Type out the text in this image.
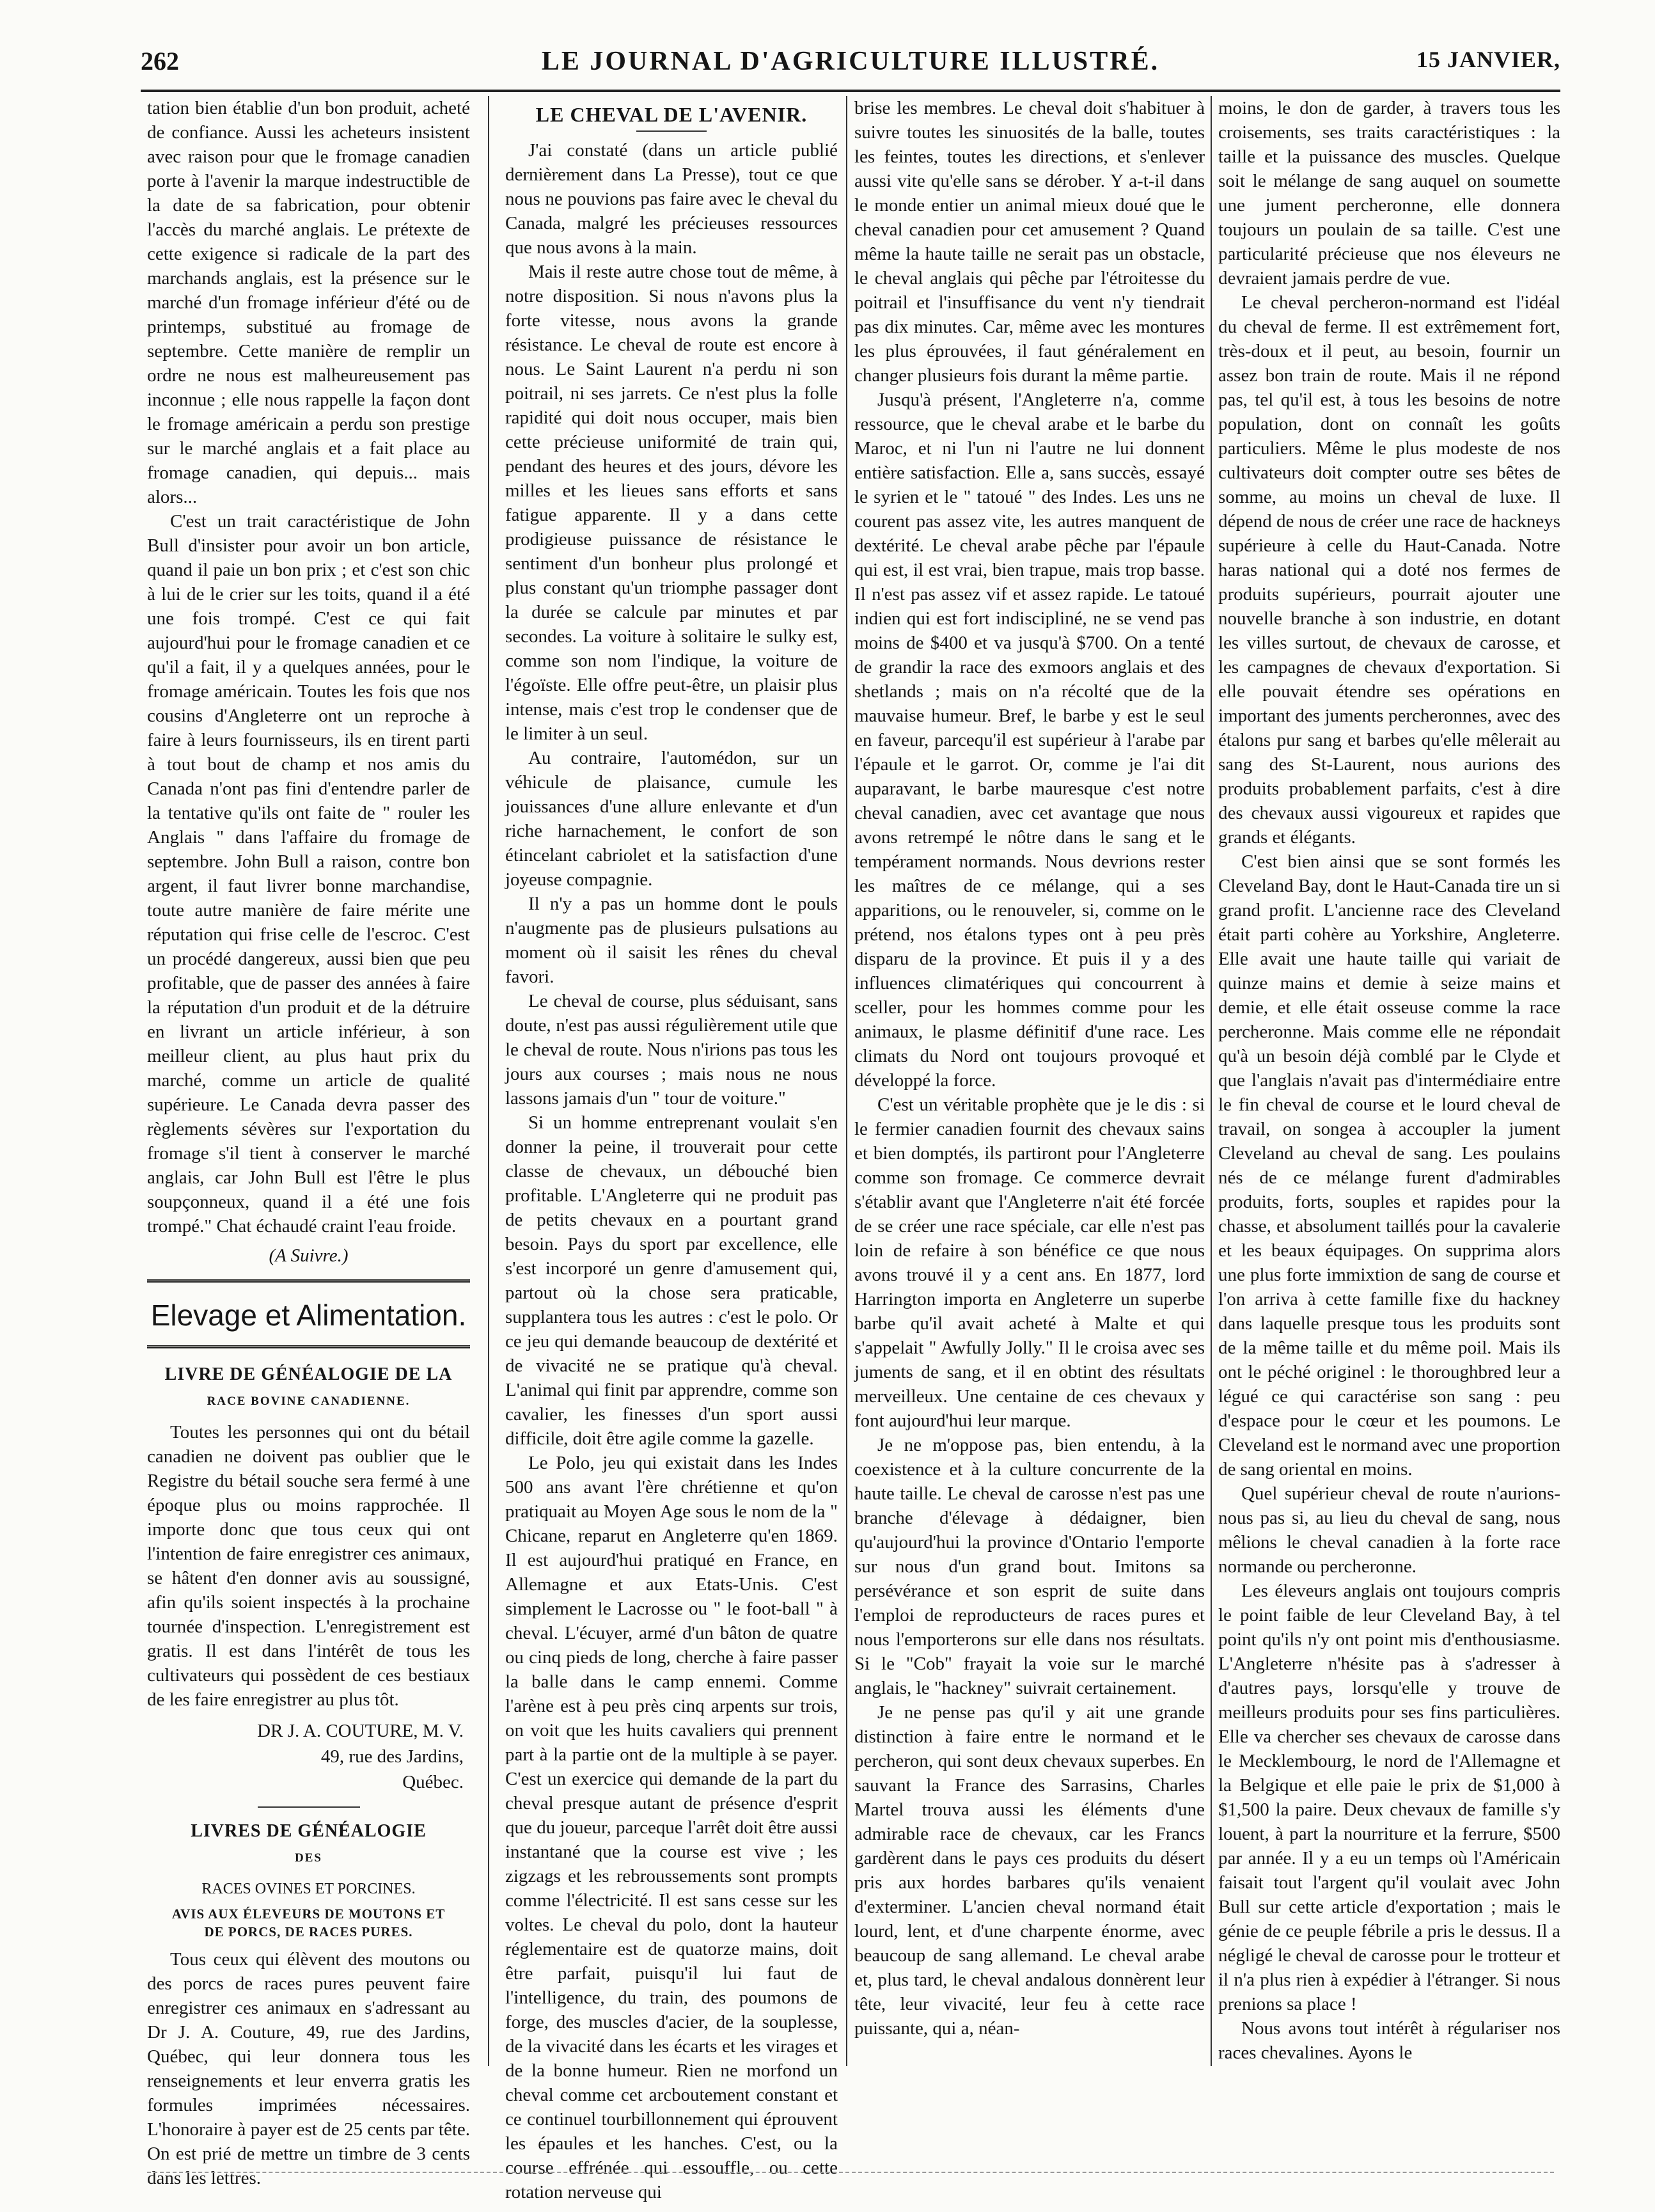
262	LE JOURNAL D'AGRICULTURE ILLUSTRÉ.	15 JANVIER,

tation bien établie d'un bon produit, acheté de confiance. Aussi les acheteurs insistent avec raison pour que le fromage canadien porte à l'avenir la marque indestructible de la date de sa fabrication, pour obtenir l'accès du marché anglais. Le prétexte de cette exigence si radicale de la part des marchands anglais, est la présence sur le marché d'un fromage inférieur d'été ou de printemps, substitué au fromage de septembre. Cette manière de remplir un ordre ne nous est malheureusement pas inconnue ; elle nous rappelle la façon dont le fromage américain a perdu son prestige sur le marché anglais et a fait place au fromage canadien, qui depuis... mais alors...

C'est un trait caractéristique de John Bull d'insister pour avoir un bon article, quand il paie un bon prix ; et c'est son chic à lui de le crier sur les toits, quand il a été une fois trompé. C'est ce qui fait aujourd'hui pour le fromage canadien et ce qu'il a fait, il y a quelques années, pour le fromage américain. Toutes les fois que nos cousins d'Angleterre ont un reproche à faire à leurs fournisseurs, ils en tirent parti à tout bout de champ et nos amis du Canada n'ont pas fini d'entendre parler de la tentative qu'ils ont faite de " rouler les Anglais " dans l'affaire du fromage de septembre. John Bull a raison, contre bon argent, il faut livrer bonne marchandise, toute autre manière de faire mérite une réputation qui frise celle de l'escroc. C'est un procédé dangereux, aussi bien que peu profitable, que de passer des années à faire la réputation d'un produit et de la détruire en livrant un article inférieur, à son meilleur client, au plus haut prix du marché, comme un article de qualité supérieure. Le Canada devra passer des règlements sévères sur l'exportation du fromage s'il tient à conserver le marché anglais, car John Bull est l'être le plus soupçonneux, quand il a été une fois trompé." Chat échaudé craint l'eau froide.

(A Suivre.)
Elevage et Alimentation.
LIVRE DE GÉNÉALOGIE DE LA
RACE BOVINE CANADIENNE.

Toutes les personnes qui ont du bétail canadien ne doivent pas oublier que le Registre du bétail souche sera fermé à une époque plus ou moins rapprochée. Il importe donc que tous ceux qui ont l'intention de faire enregistrer ces animaux, se hâtent d'en donner avis au soussigné, afin qu'ils soient inspectés à la prochaine tournée d'inspection. L'enregistrement est gratis. Il est dans l'intérêt de tous les cultivateurs qui possèdent de ces bestiaux de les faire enregistrer au plus tôt.

DR J. A. COUTURE, M. V.
49, rue des Jardins,
Québec.
LIVRES DE GÉNÉALOGIE
DES
RACES OVINES ET PORCINES.
AVIS AUX ÉLEVEURS DE MOUTONS ET
DE PORCS, DE RACES PURES.

Tous ceux qui élèvent des moutons ou des porcs de races pures peuvent faire enregistrer ces animaux en s'adressant au Dr J. A. Couture, 49, rue des Jardins, Québec, qui leur donnera tous les renseignements et leur enverra gratis les formules imprimées nécessaires. L'honoraire à payer est de 25 cents par tête. On est prié de mettre un timbre de 3 cents dans les lettres.

LE CHEVAL DE L'AVENIR.

J'ai constaté (dans un article publié dernièrement dans La Presse), tout ce que nous ne pouvions pas faire avec le cheval du Canada, malgré les précieuses ressources que nous avons à la main.

Mais il reste autre chose tout de même, à notre disposition. Si nous n'avons plus la forte vitesse, nous avons la grande résistance. Le cheval de route est encore à nous. Le Saint Laurent n'a perdu ni son poitrail, ni ses jarrets. Ce n'est plus la folle rapidité qui doit nous occuper, mais bien cette précieuse uniformité de train qui, pendant des heures et des jours, dévore les milles et les lieues sans efforts et sans fatigue apparente. Il y a dans cette prodigieuse puissance de résistance le sentiment d'un bonheur plus prolongé et plus constant qu'un triomphe passager dont la durée se calcule par minutes et par secondes. La voiture à solitaire le sulky est, comme son nom l'indique, la voiture de l'égoïste. Elle offre peut-être, un plaisir plus intense, mais c'est trop le condenser que de le limiter à un seul.

Au contraire, l'automédon, sur un véhicule de plaisance, cumule les jouissances d'une allure enlevante et d'un riche harnachement, le confort de son étincelant cabriolet et la satisfaction d'une joyeuse compagnie.

Il n'y a pas un homme dont le pouls n'augmente pas de plusieurs pulsations au moment où il saisit les rênes du cheval favori.

Le cheval de course, plus séduisant, sans doute, n'est pas aussi régulièrement utile que le cheval de route. Nous n'irions pas tous les jours aux courses ; mais nous ne nous lassons jamais d'un " tour de voiture."

Si un homme entreprenant voulait s'en donner la peine, il trouverait pour cette classe de chevaux, un débouché bien profitable. L'Angleterre qui ne produit pas de petits chevaux en a pourtant grand besoin. Pays du sport par excellence, elle s'est incorporé un genre d'amusement qui, partout où la chose sera praticable, supplantera tous les autres : c'est le polo. Or ce jeu qui demande beaucoup de dextérité et de vivacité ne se pratique qu'à cheval. L'animal qui finit par apprendre, comme son cavalier, les finesses d'un sport aussi difficile, doit être agile comme la gazelle.

Le Polo, jeu qui existait dans les Indes 500 ans avant l'ère chrétienne et qu'on pratiquait au Moyen Age sous le nom de la " Chicane, reparut en Angleterre qu'en 1869. Il est aujourd'hui pratiqué en France, en Allemagne et aux Etats-Unis. C'est simplement le Lacrosse ou " le foot-ball " à cheval. L'écuyer, armé d'un bâton de quatre ou cinq pieds de long, cherche à faire passer la balle dans le camp ennemi. Comme l'arène est à peu près cinq arpents sur trois, on voit que les huits cavaliers qui prennent part à la partie ont de la multiple à se payer. C'est un exercice qui demande de la part du cheval presque autant de présence d'esprit que du joueur, parceque l'arrêt doit être aussi instantané que la course est vive ; les zigzags et les rebroussements sont prompts comme l'électricité. Il est sans cesse sur les voltes. Le cheval du polo, dont la hauteur réglementaire est de quatorze mains, doit être parfait, puisqu'il lui faut de l'intelligence, du train, des poumons de forge, des muscles d'acier, de la souplesse, de la vivacité dans les écarts et les virages et de la bonne humeur. Rien ne morfond un cheval comme cet arcboutement constant et ce continuel tourbillonnement qui éprouvent les épaules et les hanches. C'est, ou la course effrénée qui essouffle, ou cette rotation nerveuse qui

brise les membres. Le cheval doit s'habituer à suivre toutes les sinuosités de la balle, toutes les feintes, toutes les directions, et s'enlever aussi vite qu'elle sans se dérober. Y a-t-il dans le monde entier un animal mieux doué que le cheval canadien pour cet amusement ? Quand même la haute taille ne serait pas un obstacle, le cheval anglais qui pêche par l'étroitesse du poitrail et l'insuffisance du vent n'y tiendrait pas dix minutes. Car, même avec les montures les plus éprouvées, il faut généralement en changer plusieurs fois durant la même partie.

Jusqu'à présent, l'Angleterre n'a, comme ressource, que le cheval arabe et le barbe du Maroc, et ni l'un ni l'autre ne lui donnent entière satisfaction. Elle a, sans succès, essayé le syrien et le " tatoué " des Indes. Les uns ne courent pas assez vite, les autres manquent de dextérité. Le cheval arabe pêche par l'épaule qui est, il est vrai, bien trapue, mais trop basse. Il n'est pas assez vif et assez rapide. Le tatoué indien qui est fort indiscipliné, ne se vend pas moins de $400 et va jusqu'à $700. On a tenté de grandir la race des exmoors anglais et des shetlands ; mais on n'a récolté que de la mauvaise humeur. Bref, le barbe y est le seul en faveur, parcequ'il est supérieur à l'arabe par l'épaule et le garrot. Or, comme je l'ai dit auparavant, le barbe mauresque c'est notre cheval canadien, avec cet avantage que nous avons retrempé le nôtre dans le sang et le tempérament normands. Nous devrions rester les maîtres de ce mélange, qui a ses apparitions, ou le renouveler, si, comme on le prétend, nos étalons types ont à peu près disparu de la province. Et puis il y a des influences climatériques qui concourrent à sceller, pour les hommes comme pour les animaux, le plasme définitif d'une race. Les climats du Nord ont toujours provoqué et développé la force.

C'est un véritable prophète que je le dis : si le fermier canadien fournit des chevaux sains et bien domptés, ils partiront pour l'Angleterre comme son fromage. Ce commerce devrait s'établir avant que l'Angleterre n'ait été forcée de se créer une race spéciale, car elle n'est pas loin de refaire à son bénéfice ce que nous avons trouvé il y a cent ans. En 1877, lord Harrington importa en Angleterre un superbe barbe qu'il avait acheté à Malte et qui s'appelait " Awfully Jolly." Il le croisa avec ses juments de sang, et il en obtint des résultats merveilleux. Une centaine de ces chevaux y font aujourd'hui leur marque.

Je ne m'oppose pas, bien entendu, à la coexistence et à la culture concurrente de la haute taille. Le cheval de carosse n'est pas une branche d'élevage à dédaigner, bien qu'aujourd'hui la province d'Ontario l'emporte sur nous d'un grand bout. Imitons sa persévérance et son esprit de suite dans l'emploi de reproducteurs de races pures et nous l'emporterons sur elle dans nos résultats. Si le "Cob" frayait la voie sur le marché anglais, le "hackney" suivrait certainement.

Je ne pense pas qu'il y ait une grande distinction à faire entre le normand et le percheron, qui sont deux chevaux superbes. En sauvant la France des Sarrasins, Charles Martel trouva aussi les éléments d'une admirable race de chevaux, car les Francs gardèrent dans le pays ces produits du désert pris aux hordes barbares qu'ils venaient d'exterminer. L'ancien cheval normand était lourd, lent, et d'une charpente énorme, avec beaucoup de sang allemand. Le cheval arabe et, plus tard, le cheval andalous donnèrent leur tête, leur vivacité, leur feu à cette race puissante, qui a, néan-

moins, le don de garder, à travers tous les croisements, ses traits caractéristiques : la taille et la puissance des muscles. Quelque soit le mélange de sang auquel on soumette une jument percheronne, elle donnera toujours un poulain de sa taille. C'est une particularité précieuse que nos éleveurs ne devraient jamais perdre de vue.

Le cheval percheron-normand est l'idéal du cheval de ferme. Il est extrêmement fort, très-doux et il peut, au besoin, fournir un assez bon train de route. Mais il ne répond pas, tel qu'il est, à tous les besoins de notre population, dont on connaît les goûts particuliers. Même le plus modeste de nos cultivateurs doit compter outre ses bêtes de somme, au moins un cheval de luxe. Il dépend de nous de créer une race de hackneys supérieure à celle du Haut-Canada. Notre haras national qui a doté nos fermes de produits supérieurs, pourrait ajouter une nouvelle branche à son industrie, en dotant les villes surtout, de chevaux de carosse, et les campagnes de chevaux d'exportation. Si elle pouvait étendre ses opérations en important des juments percheronnes, avec des étalons pur sang et barbes qu'elle mêlerait au sang des St-Laurent, nous aurions des produits probablement parfaits, c'est à dire des chevaux aussi vigoureux et rapides que grands et élégants.

C'est bien ainsi que se sont formés les Cleveland Bay, dont le Haut-Canada tire un si grand profit. L'ancienne race des Cleveland était parti cohère au Yorkshire, Angleterre. Elle avait une haute taille qui variait de quinze mains et demie à seize mains et demie, et elle était osseuse comme la race percheronne. Mais comme elle ne répondait qu'à un besoin déjà comblé par le Clyde et que l'anglais n'avait pas d'intermédiaire entre le fin cheval de course et le lourd cheval de travail, on songea à accoupler la jument Cleveland au cheval de sang. Les poulains nés de ce mélange furent d'admirables produits, forts, souples et rapides pour la chasse, et absolument taillés pour la cavalerie et les beaux équipages. On supprima alors une plus forte immixtion de sang de course et l'on arriva à cette famille fixe du hackney dans laquelle presque tous les produits sont de la même taille et du même poil. Mais ils ont le péché originel : le thoroughbred leur a légué ce qui caractérise son sang : peu d'espace pour le cœur et les poumons. Le Cleveland est le normand avec une proportion de sang oriental en moins.

Quel supérieur cheval de route n'aurions-nous pas si, au lieu du cheval de sang, nous mêlions le cheval canadien à la forte race normande ou percheronne.

Les éleveurs anglais ont toujours compris le point faible de leur Cleveland Bay, à tel point qu'ils n'y ont point mis d'enthousiasme. L'Angleterre n'hésite pas à s'adresser à d'autres pays, lorsqu'elle y trouve de meilleurs produits pour ses fins particulières. Elle va chercher ses chevaux de carosse dans le Mecklembourg, le nord de l'Allemagne et la Belgique et elle paie le prix de $1,000 à $1,500 la paire. Deux chevaux de famille s'y louent, à part la nourriture et la ferrure, $500 par année. Il y a eu un temps où l'Américain faisait tout l'argent qu'il voulait avec John Bull sur cette article d'exportation ; mais le génie de ce peuple fébrile a pris le dessus. Il a négligé le cheval de carosse pour le trotteur et il n'a plus rien à expédier à l'étranger. Si nous prenions sa place !

Nous avons tout intérêt à régulariser nos races chevalines. Ayons le
